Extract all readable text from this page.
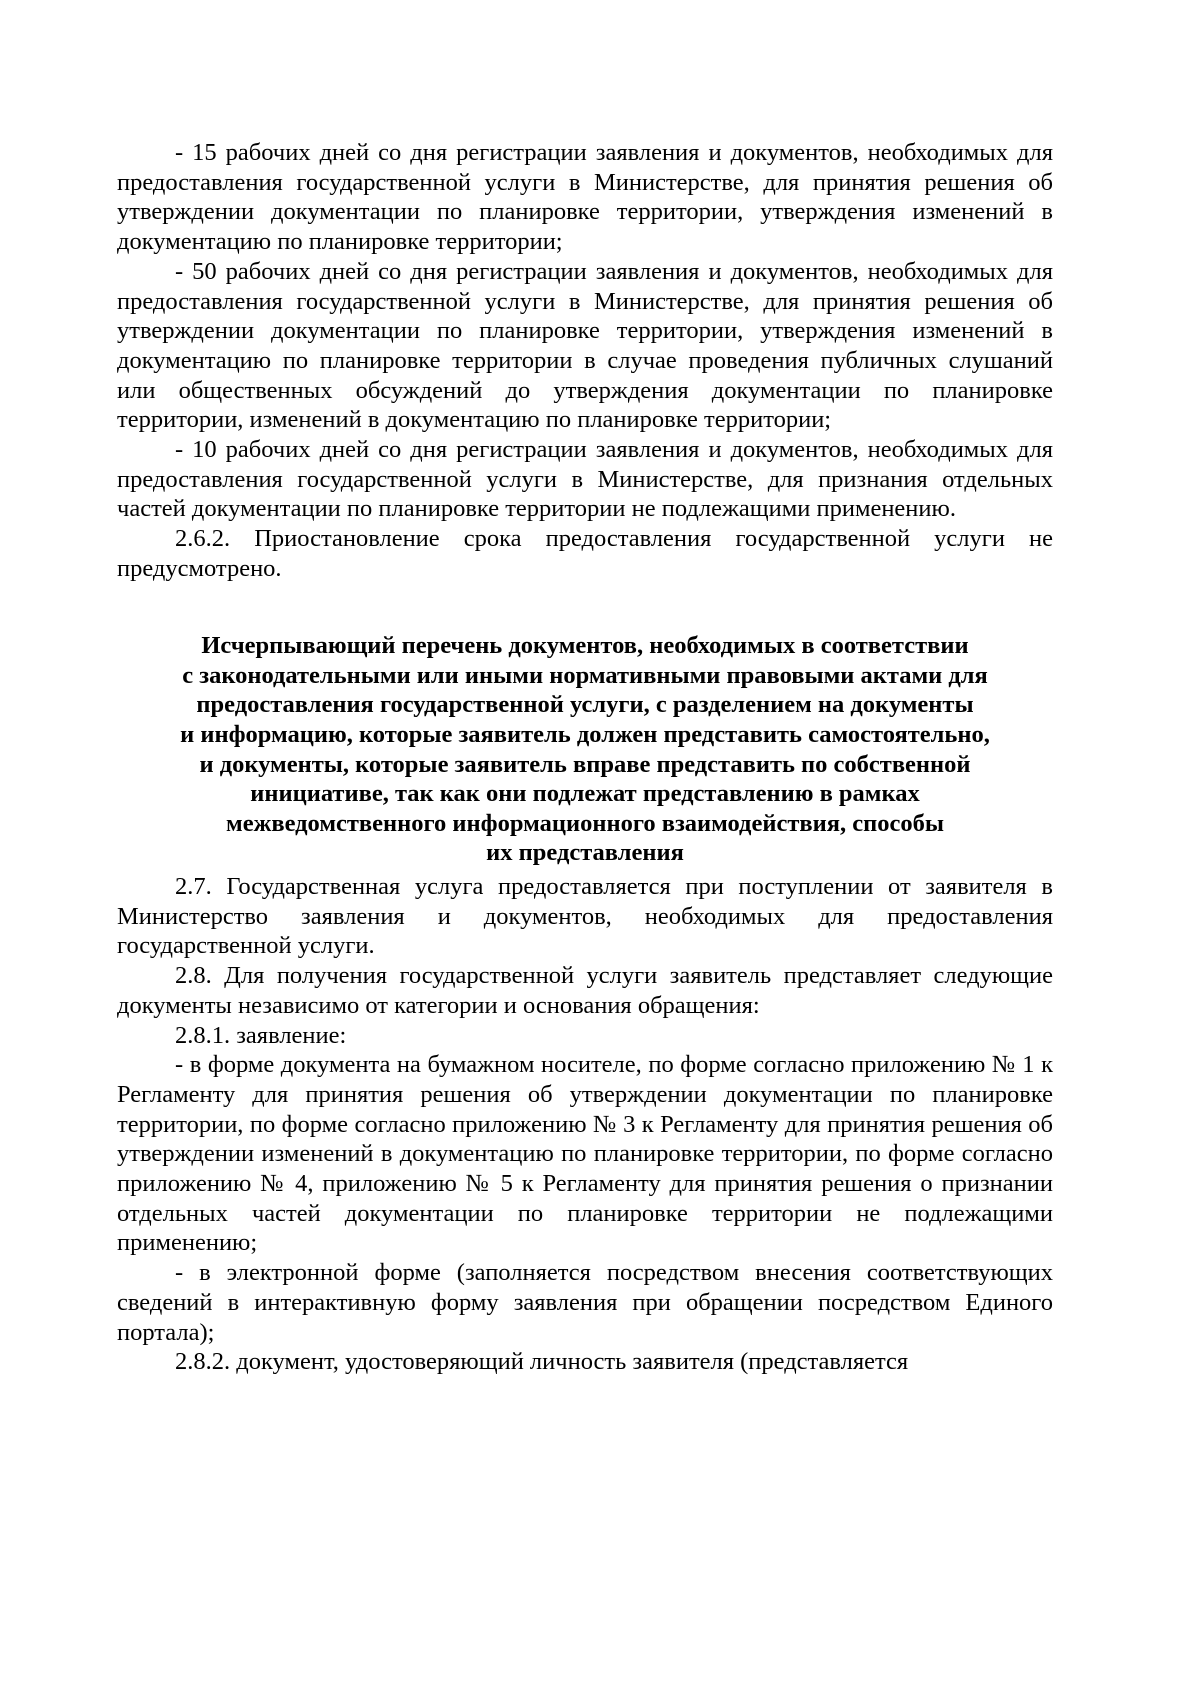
- 15 рабочих дней со дня регистрации заявления и документов, необходимых для предоставления государственной услуги в Министерстве, для принятия решения об утверждении документации по планировке территории, утверждения изменений в документацию по планировке территории;

- 50 рабочих дней со дня регистрации заявления и документов, необходимых для предоставления государственной услуги в Министерстве, для принятия решения об утверждении документации по планировке территории, утверждения изменений в документацию по планировке территории в случае проведения публичных слушаний или общественных обсуждений до утверждения документации по планировке территории, изменений в документацию по планировке территории;

- 10 рабочих дней со дня регистрации заявления и документов, необходимых для предоставления государственной услуги в Министерстве, для признания отдельных частей документации по планировке территории не подлежащими применению.

2.6.2. Приостановление срока предоставления государственной услуги не предусмотрено.

Исчерпывающий перечень документов, необходимых в соответствии
с законодательными или иными нормативными правовыми актами для
предоставления государственной услуги, с разделением на документы
и информацию, которые заявитель должен представить самостоятельно,
и документы, которые заявитель вправе представить по собственной
инициативе, так как они подлежат представлению в рамках
межведомственного информационного взаимодействия, способы
их представления

2.7. Государственная услуга предоставляется при поступлении от заявителя в Министерство заявления и документов, необходимых для предоставления государственной услуги.

2.8. Для получения государственной услуги заявитель представляет следующие документы независимо от категории и основания обращения:

2.8.1. заявление:

- в форме документа на бумажном носителе, по форме согласно приложению № 1 к Регламенту для принятия решения об утверждении документации по планировке территории, по форме согласно приложению № 3 к Регламенту для принятия решения об утверждении изменений в документацию по планировке территории, по форме согласно приложению № 4, приложению № 5 к Регламенту для принятия решения о признании отдельных частей документации по планировке территории не подлежащими применению;

- в электронной форме (заполняется посредством внесения соответствующих сведений в интерактивную форму заявления при обращении посредством Единого портала);

2.8.2. документ, удостоверяющий личность заявителя (представляется
